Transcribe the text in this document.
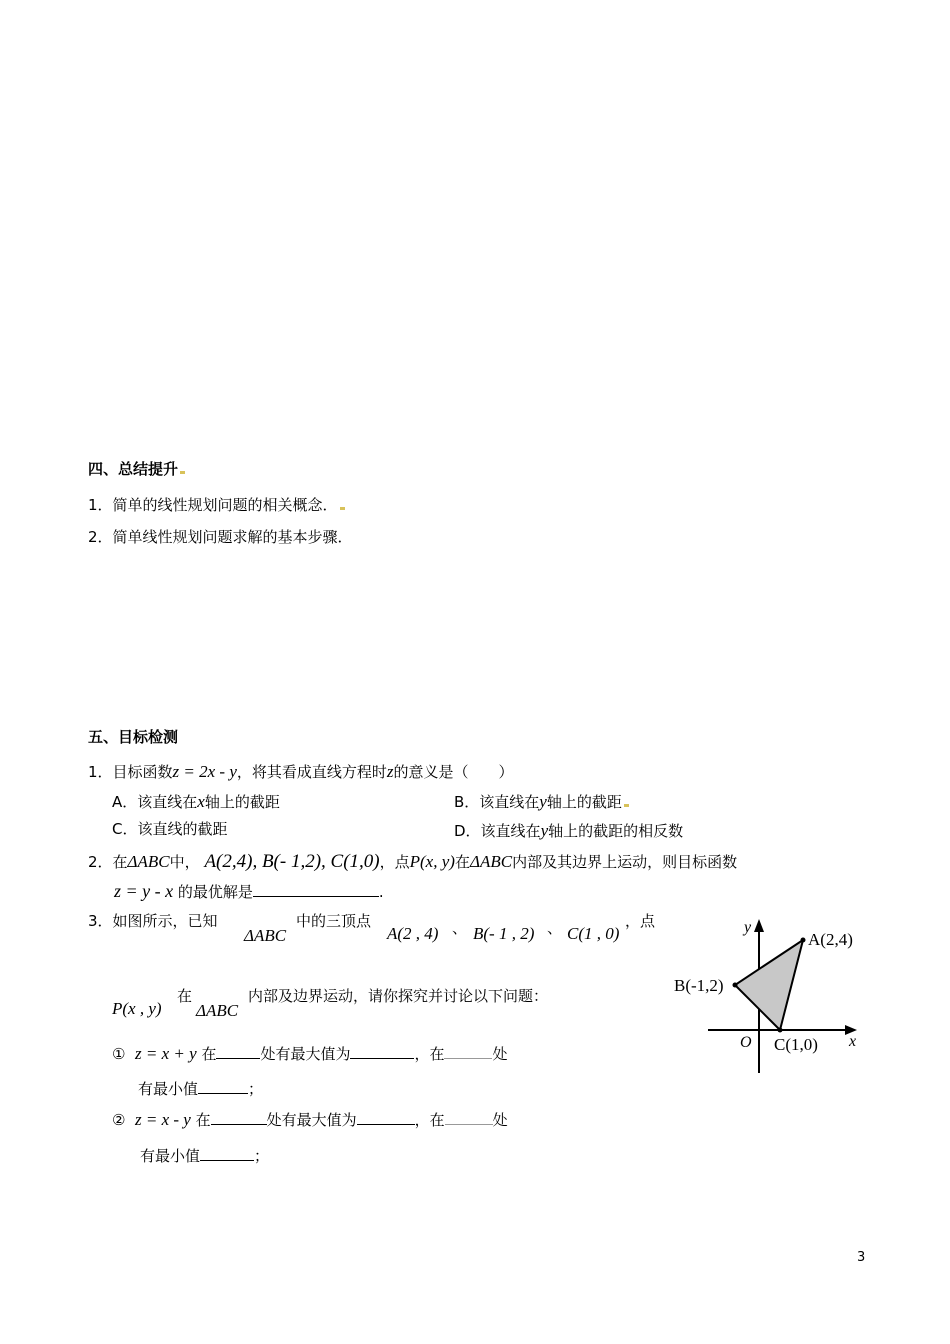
四、总结提升
1．简单的线性规划问题的相关概念．
2．简单线性规划问题求解的基本步骤．
五、目标检测
1．目标函数z = 2x - y，将其看成直线方程时z的意义是（　　）
A．该直线在x轴上的截距	B．该直线在y轴上的截距
C．该直线的截距	D．该直线在y轴上的截距的相反数
2．在ΔABC中， A(2,4), B(- 1,2), C(1,0)，点P(x, y)在ΔABC内部及其边界上运动，则目标函数
z = y - x 的最优解是	.
3．如图所示，已知
ΔABC
中的三顶点
A(2 , 4) 、 B(- 1 , 2) 、 C(1 , 0)
，点
P(x , y)
在
ΔABC
内部及边界运动，请你探究并讨论以下问题：
① z = x + y 在	处有最大值为	，在	处
有最小值	；
② z = x - y 在	处有最大值为	，在	处
有最小值	；
y
x
O
A(2,4)
B(-1,2)
C(1,0)
3
